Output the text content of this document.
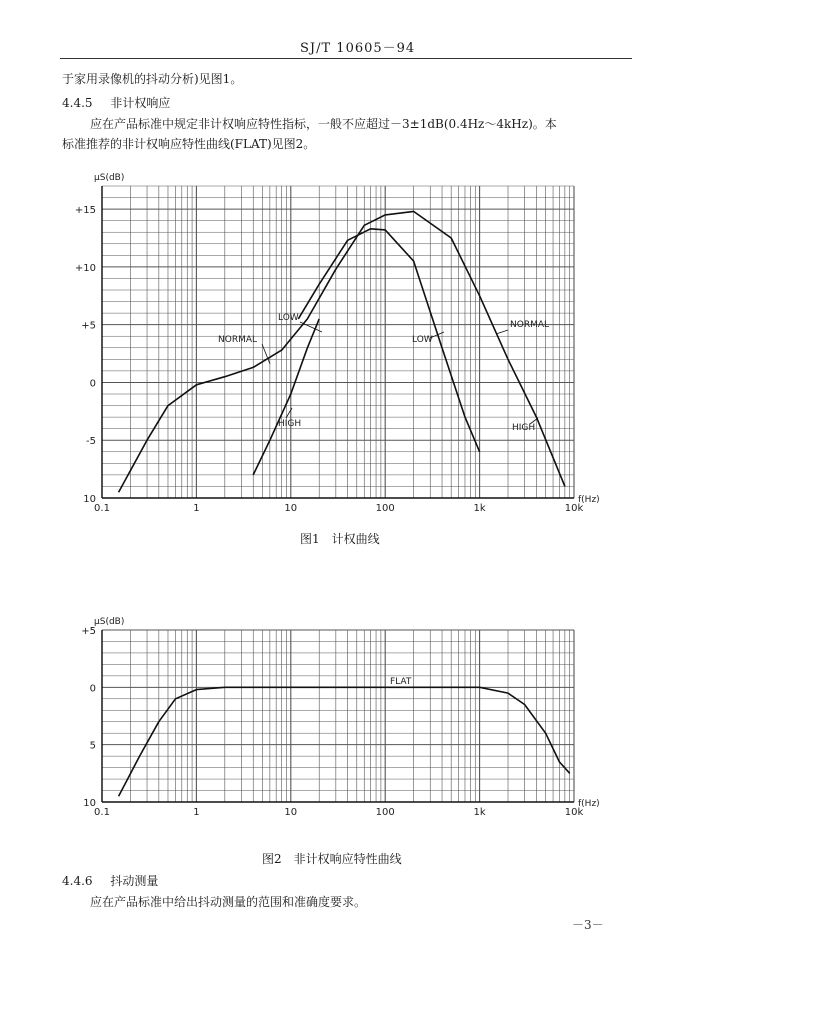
SJ/T 10605－94
于家用录像机的抖动分析)见图1。
4.4.5 非计权响应
应在产品标准中规定非计权响应特性指标，一般不应超过－3±1dB(0.4Hz～4kHz)。本
标准推荐的非计权响应特性曲线(FLAT)见图2。
+15
+10
+5
0
-5
10
0.1	1	10	100	1k	10k
μS(dB)
f(Hz)
NORMAL
LOW
NORMAL
LOW
HIGH	HIGH
图1　计权曲线
+5
0
5
10
0.1	1	10	100	1k	10k
μS(dB)
f(Hz)
FLAT
图2　非计权响应特性曲线
4.4.6 抖动测量
应在产品标准中给出抖动测量的范围和准确度要求。
－3－
